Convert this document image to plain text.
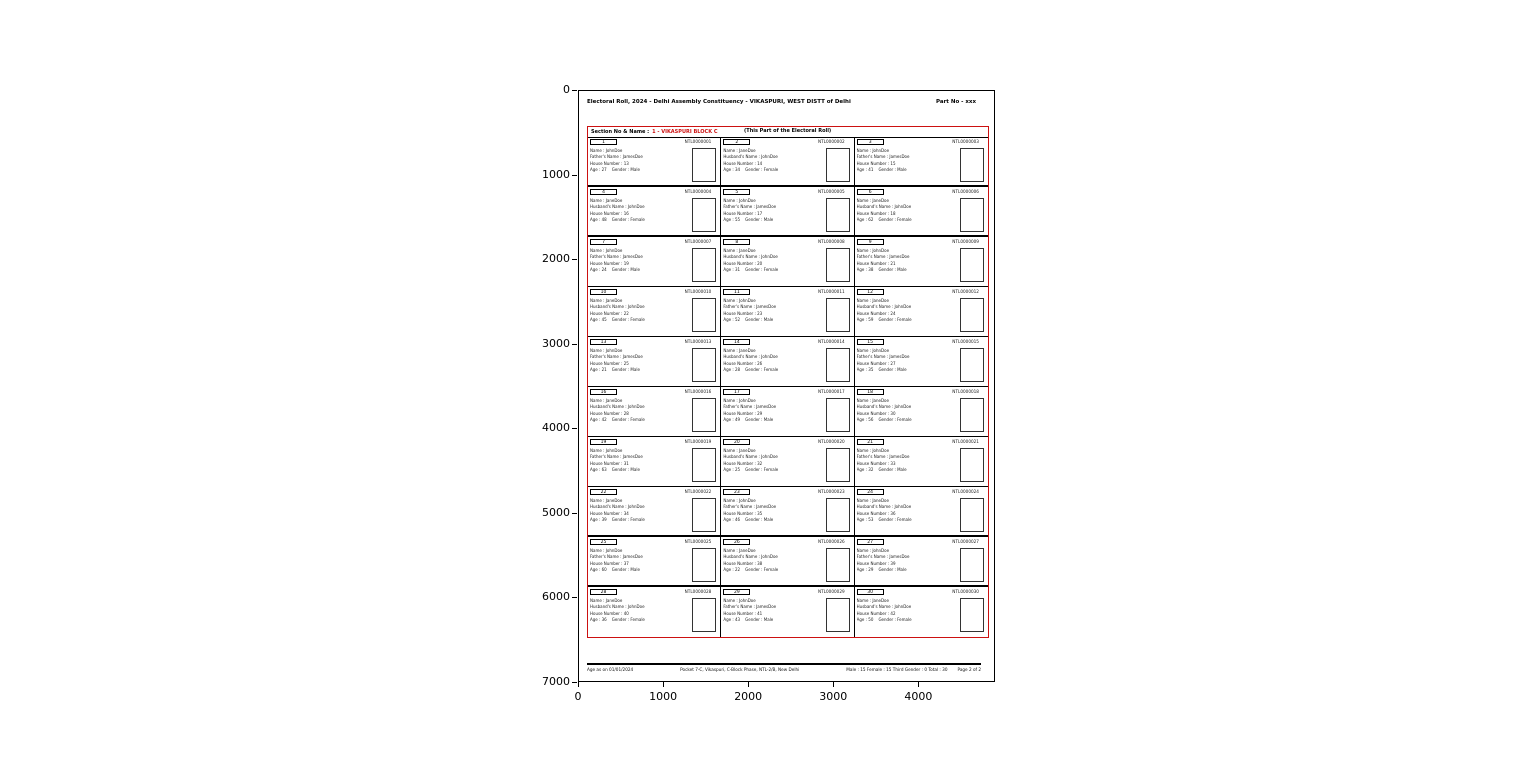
Electoral Roll, 2024 - Delhi Assembly Constituency - VIKASPURI, WEST DISTT of Delhi	Part No - xxx
Section No & Name : 1 - VIKASPURI BLOCK C	(This Part of the Electoral Roll)
1	NTL0000001
Name : JohnDoe
Father's Name : JamesDoe
House Number : 13
Age : 27    Gender : Male
2	NTL0000002
Name : JaneDoe
Husband's Name : JohnDoe
House Number : 14
Age : 34    Gender : Female
3	NTL0000003
Name : JohnDoe
Father's Name : JamesDoe
House Number : 15
Age : 41    Gender : Male
4	NTL0000004
Name : JaneDoe
Husband's Name : JohnDoe
House Number : 16
Age : 48    Gender : Female
5	NTL0000005
Name : JohnDoe
Father's Name : JamesDoe
House Number : 17
Age : 55    Gender : Male
6	NTL0000006
Name : JaneDoe
Husband's Name : JohnDoe
House Number : 18
Age : 62    Gender : Female
7	NTL0000007
Name : JohnDoe
Father's Name : JamesDoe
House Number : 19
Age : 24    Gender : Male
8	NTL0000008
Name : JaneDoe
Husband's Name : JohnDoe
House Number : 20
Age : 31    Gender : Female
9	NTL0000009
Name : JohnDoe
Father's Name : JamesDoe
House Number : 21
Age : 38    Gender : Male
10	NTL0000010
Name : JaneDoe
Husband's Name : JohnDoe
House Number : 22
Age : 45    Gender : Female
11	NTL0000011
Name : JohnDoe
Father's Name : JamesDoe
House Number : 23
Age : 52    Gender : Male
12	NTL0000012
Name : JaneDoe
Husband's Name : JohnDoe
House Number : 24
Age : 59    Gender : Female
13	NTL0000013
Name : JohnDoe
Father's Name : JamesDoe
House Number : 25
Age : 21    Gender : Male
14	NTL0000014
Name : JaneDoe
Husband's Name : JohnDoe
House Number : 26
Age : 28    Gender : Female
15	NTL0000015
Name : JohnDoe
Father's Name : JamesDoe
House Number : 27
Age : 35    Gender : Male
16	NTL0000016
Name : JaneDoe
Husband's Name : JohnDoe
House Number : 28
Age : 42    Gender : Female
17	NTL0000017
Name : JohnDoe
Father's Name : JamesDoe
House Number : 29
Age : 49    Gender : Male
18	NTL0000018
Name : JaneDoe
Husband's Name : JohnDoe
House Number : 30
Age : 56    Gender : Female
19	NTL0000019
Name : JohnDoe
Father's Name : JamesDoe
House Number : 31
Age : 63    Gender : Male
20	NTL0000020
Name : JaneDoe
Husband's Name : JohnDoe
House Number : 32
Age : 25    Gender : Female
21	NTL0000021
Name : JohnDoe
Father's Name : JamesDoe
House Number : 33
Age : 32    Gender : Male
22	NTL0000022
Name : JaneDoe
Husband's Name : JohnDoe
House Number : 34
Age : 39    Gender : Female
23	NTL0000023
Name : JohnDoe
Father's Name : JamesDoe
House Number : 35
Age : 46    Gender : Male
24	NTL0000024
Name : JaneDoe
Husband's Name : JohnDoe
House Number : 36
Age : 53    Gender : Female
25	NTL0000025
Name : JohnDoe
Father's Name : JamesDoe
House Number : 37
Age : 60    Gender : Male
26	NTL0000026
Name : JaneDoe
Husband's Name : JohnDoe
House Number : 38
Age : 22    Gender : Female
27	NTL0000027
Name : JohnDoe
Father's Name : JamesDoe
House Number : 39
Age : 29    Gender : Male
28	NTL0000028
Name : JaneDoe
Husband's Name : JohnDoe
House Number : 40
Age : 36    Gender : Female
29	NTL0000029
Name : JohnDoe
Father's Name : JamesDoe
House Number : 41
Age : 43    Gender : Male
30	NTL0000030
Name : JaneDoe
Husband's Name : JohnDoe
House Number : 42
Age : 50    Gender : Female
Age as on 01/01/2024	Pocket 7-C, Vikaspuri, C-Block Phase, NTL-2/B, New Delhi	Male : 15 Female : 15 Third Gender : 0 Total : 30 Page 2 of 2
0
1000
2000
3000
4000
5000
6000
7000
0	1000	2000	3000	4000
